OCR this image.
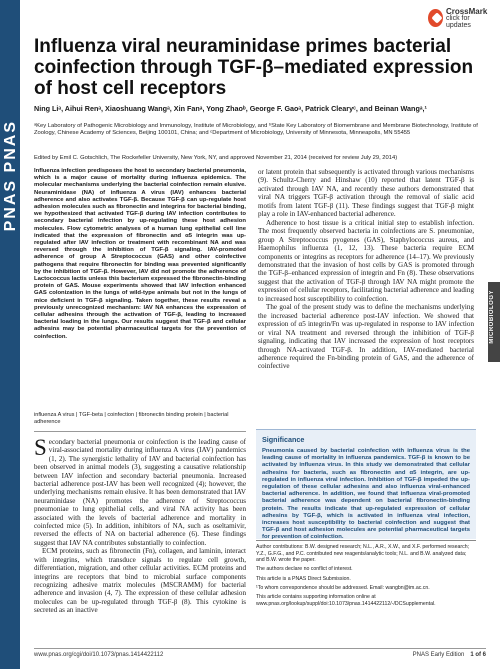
PNAS PNAS
CrossMark
click for updates
Influenza viral neuraminidase primes bacterial coinfection through TGF-β–mediated expression of host cell receptors
Ning Liᵃ, Aihui Renᵃ, Xiaoshuang Wangᵃ, Xin Fanᵃ, Yong Zhaoᵇ, George F. Gaoᵃ, Patrick Clearyᶜ, and Beinan Wangᵃ,¹
ᵃKey Laboratory of Pathogenic Microbiology and Immunology, Institute of Microbiology, and ᵇState Key Laboratory of Biomembrane and Membrane Biotechnology, Institute of Zoology, Chinese Academy of Sciences, Beijing 100101, China; and ᶜDepartment of Microbiology, University of Minnesota, Minneapolis, MN 55455
Edited by Emil C. Gotschlich, The Rockefeller University, New York, NY, and approved November 21, 2014 (received for review July 29, 2014)
Influenza infection predisposes the host to secondary bacterial pneumonia, which is a major cause of mortality during influenza epidemics. The molecular mechanisms underlying the bacterial coinfection remain elusive. Neuraminidase (NA) of influenza A virus (IAV) enhances bacterial adherence and also activates TGF-β. Because TGF-β can up-regulate host adhesion molecules such as fibronectin and integrins for bacterial binding, we hypothesized that activated TGF-β during IAV infection contributes to secondary bacterial infection by up-regulating these host adhesion molecules. Flow cytometric analyses of a human lung epithelial cell line indicated that the expression of fibronectin and α5 integrin was up-regulated after IAV infection or treatment with recombinant NA and was reversed through the inhibition of TGF-β signaling. IAV-promoted adherence of group A Streptococcus (GAS) and other coinfective pathogens that require fibronectin for binding was prevented significantly by the inhibition of TGF-β. However, IAV did not promote the adherence of Lactococcus lactis unless this bacterium expressed the fibronectin-binding protein of GAS. Mouse experiments showed that IAV infection enhanced GAS colonization in the lungs of wild-type animals but not in the lungs of mice deficient in TGF-β signaling. Taken together, these results reveal a previously unrecognized mechanism: IAV NA enhances the expression of cellular adhesins through the activation of TGF-β, leading to increased bacterial loading in the lungs. Our results suggest that TGF-β and cellular adhesins may be potential pharmaceutical targets for the prevention of coinfection.
influenza A virus | TGF-beta | coinfection | fibronectin binding protein | bacterial adherence

Secondary bacterial pneumonia or coinfection is the leading cause of viral-associated mortality during influenza A virus (IAV) pandemics (1, 2). The synergistic lethality of IAV and bacterial coinfection has been observed in animal models (3), suggesting a causative relationship between IAV infection and secondary bacterial pneumonia. Increased bacterial adherence post-IAV has been well recognized (4); however, the underlying mechanisms remain elusive. It has been demonstrated that IAV neuraminidase (NA) promotes the adherence of Streptococcus pneumoniae to lung epithelial cells, and viral NA activity has been associated with the levels of bacterial adherence and mortality in coinfected mice (5). In addition, inhibitors of NA, such as oseltamivir, reversed the effects of NA on bacterial adherence (6). These findings suggest that IAV NA contributes substantially to coinfection.

ECM proteins, such as fibronectin (Fn), collagen, and laminin, interact with integrins, which transduce signals to regulate cell growth, differentiation, migration, and other cellular activities. ECM proteins and integrins are receptors that bind to microbial surface components recognizing adhesive matrix molecules (MSCRAMM) for bacterial adherence and invasion (4, 7). The expression of these cellular adhesion molecules can be up-regulated through TGF-β (8). This cytokine is secreted as an inactive

or latent protein that subsequently is activated through various mechanisms (9). Schultz-Cherry and Hinshaw (10) reported that latent TGF-β is activated through IAV NA, and recently these authors demonstrated that viral NA triggers TGF-β activation through the removal of sialic acid motifs from latent TGF-β (11). These findings suggest that TGF-β might play a role in IAV-enhanced bacterial adherence.

Adherence to host tissue is a critical initial step to establish infection. The most frequently observed bacteria in coinfections are S. pneumoniae, group A Streptococcus pyogenes (GAS), Staphylococcus aureus, and Haemophilus influenza (1, 12, 13). These bacteria require ECM components or integrins as receptors for adherence (14–17). We previously demonstrated that the invasion of host cells by GAS is promoted through the TGF-β–enhanced expression of integrin and Fn (8). These observations suggest that the activation of TGF-β through IAV NA might promote the expression of cellular receptors, facilitating bacterial adherence and leading to increased host susceptibility to coinfection.

The goal of the present study was to define the mechanisms underlying the increased bacterial adherence post-IAV infection. We showed that expression of α5 integrin/Fn was up-regulated in response to IAV infection or viral NA treatment and reversed through the inhibition of TGF-β signaling, indicating that IAV increased the expression of host receptors through NA-activated TGF-β. In addition, IAV-mediated bacterial adherence required the Fn-binding protein of GAS, and the adherence of coinfective

MICROBIOLOGY
Significance
Pneumonia caused by bacterial coinfection with influenza virus is the leading cause of mortality in influenza pandemics. TGF-β is known to be activated by influenza virus. In this study we demonstrated that cellular adhesins for bacteria, such as fibronectin and α5 integrin, are up-regulated in influenza viral infection. Inhibition of TGF-β impeded the up-regulation of these cellular adhesins and also influenza viral-enhanced bacterial adherence. In addition, we found that influenza viral-promoted bacterial adherence was dependent on bacterial fibronectin-binding protein. The results indicate that up-regulated expression of cellular adhesins by TGF-β, which is activated in influenza viral infection, increases host susceptibility to bacterial coinfection and suggest that TGF-β and host adhesion molecules are potential pharmaceutical targets for prevention of coinfection.
Author contributions: B.W. designed research; N.L., A.R., X.W., and X.F. performed research; Y.Z., G.F.G., and P.C. contributed new reagents/analytic tools; N.L. and B.W. analyzed data; and B.W. wrote the paper.
The authors declare no conflict of interest.
This article is a PNAS Direct Submission.
¹To whom correspondence should be addressed. Email: wangbn@im.ac.cn.
This article contains supporting information online at www.pnas.org/lookup/suppl/doi:10.1073/pnas.1414422112/-/DCSupplemental.
www.pnas.org/cgi/doi/10.1073/pnas.1414422112	PNAS Early Edition 1 of 6
